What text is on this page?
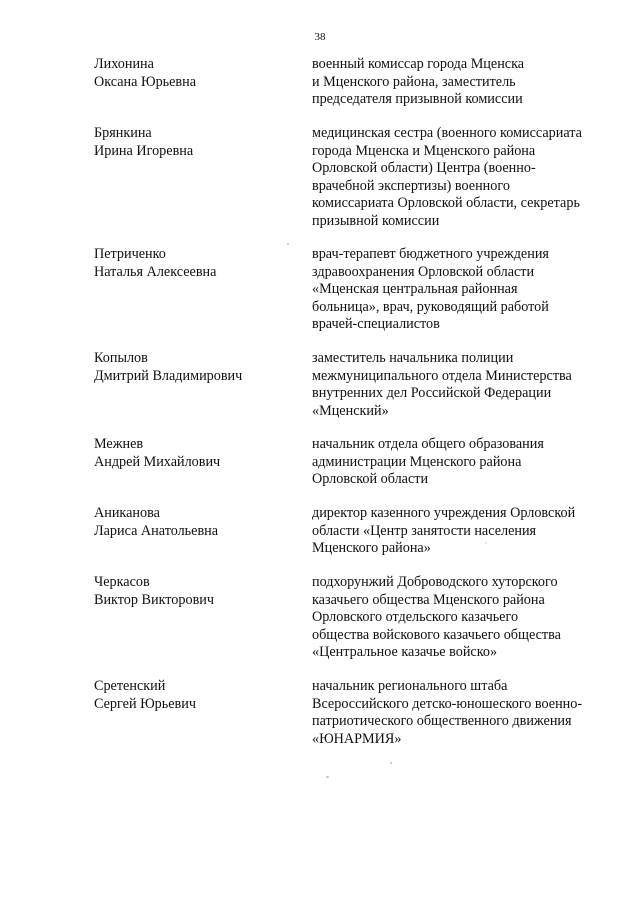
38
Лихонина
Оксана Юрьевна
военный комиссар города Мценска
и Мценского района, заместитель
председателя призывной комиссии
Брянкина
Ирина Игоревна
медицинская сестра (военного комиссариата
города Мценска и Мценского района
Орловской области) Центра (военно-
врачебной экспертизы) военного
комиссариата Орловской области, секретарь
призывной комиссии
Петриченко
Наталья Алексеевна
врач-терапевт бюджетного учреждения
здравоохранения Орловской области
«Мценская центральная районная
больница», врач, руководящий работой
врачей-специалистов
Копылов
Дмитрий Владимирович
заместитель начальника полиции
межмуниципального отдела Министерства
внутренних дел Российской Федерации
«Мценский»
Межнев
Андрей Михайлович
начальник отдела общего образования
администрации Мценского района
Орловской области
Аниканова
Лариса Анатольевна
директор казенного учреждения Орловской
области «Центр занятости населения
Мценского района»
Черкасов
Виктор Викторович
подхорунжий Доброводского хуторского
казачьего общества Мценского района
Орловского отдельского казачьего
общества войскового казачьего общества
«Центральное казачье войско»
Сретенский
Сергей Юрьевич
начальник регионального штаба
Всероссийского детско-юношеского военно-
патриотического общественного движения
«ЮНАРМИЯ»
